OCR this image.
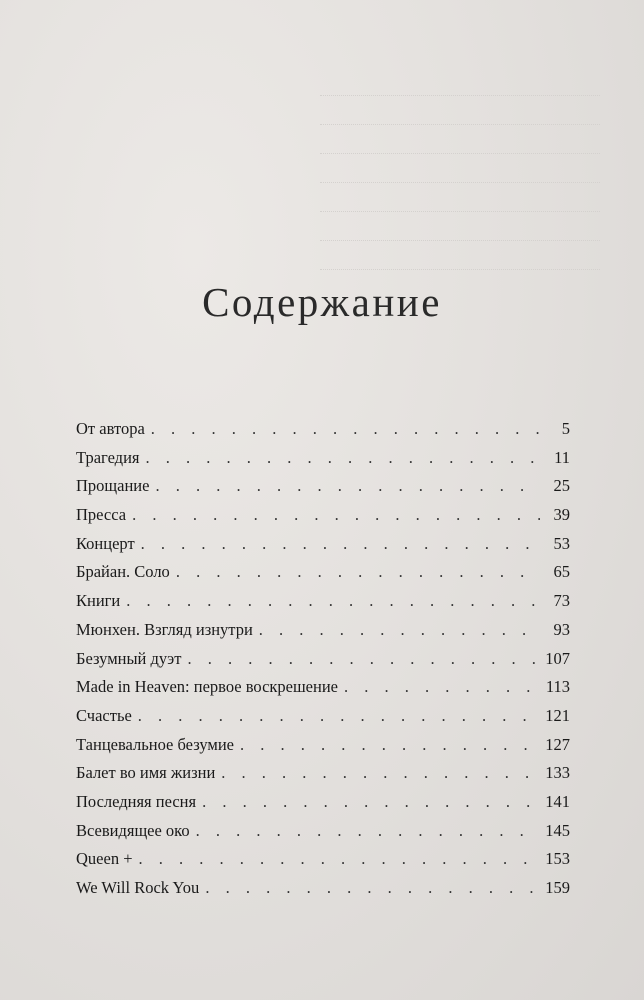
Содержание
От автора . . .	5
Трагедия . . .	11
Прощание . . .	25
Пресса . . .	39
Концерт . . .	53
Брайан. Соло . . .	65
Книги . . .	73
Мюнхен. Взгляд изнутри . . .	93
Безумный дуэт . . .	107
Made in Heaven: первое воскрешение . . .	113
Счастье . . .	121
Танцевальное безумие . . .	127
Балет во имя жизни . . .	133
Последняя песня . . .	141
Всевидящее око . . .	145
Queen + . . .	153
We Will Rock You . . .	159
